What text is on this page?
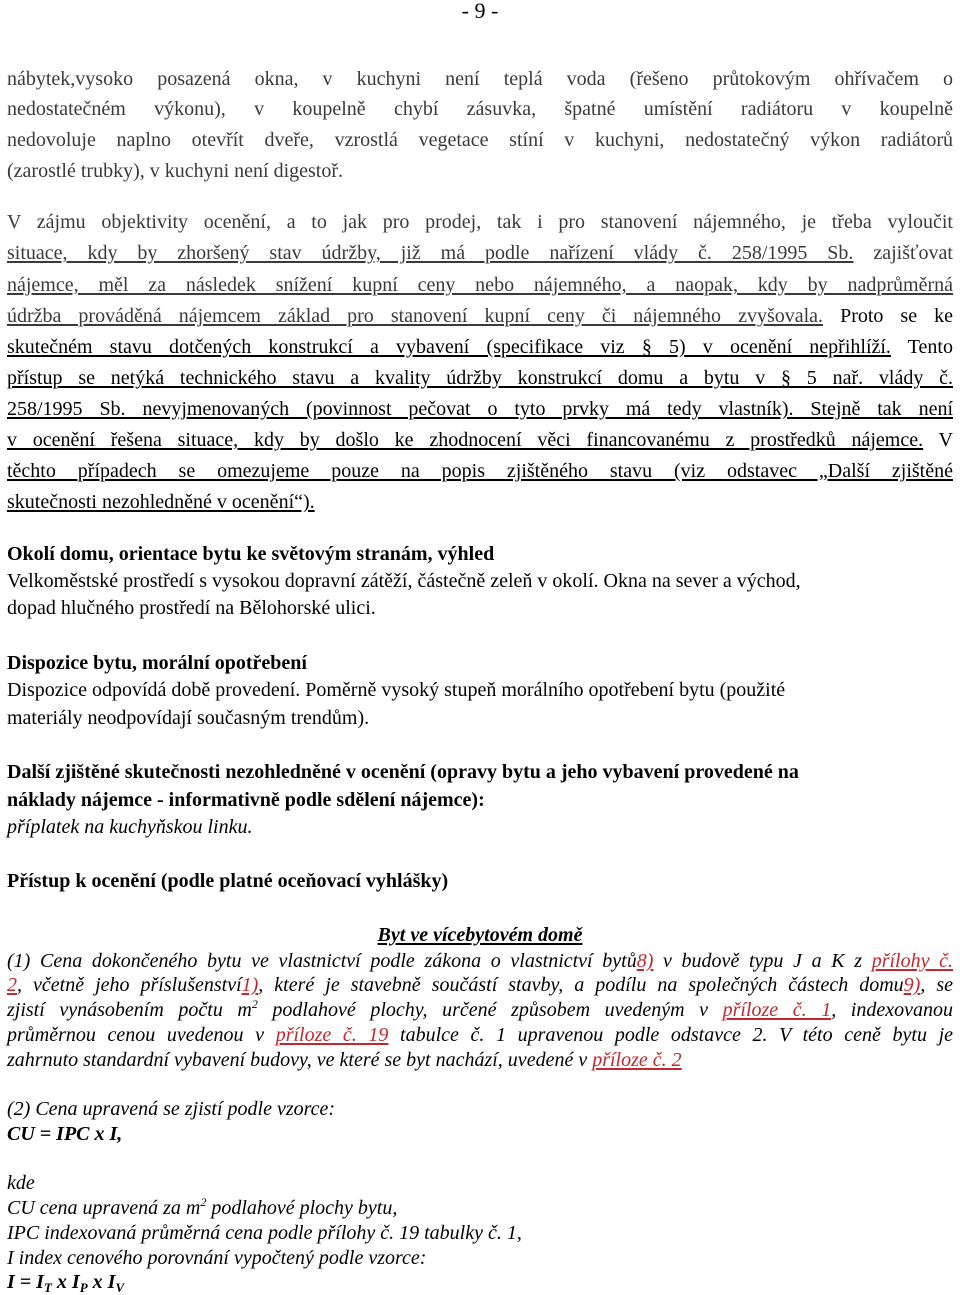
- 9 -
nábytek,vysoko posazená okna, v kuchyni není teplá voda (řešeno průtokovým ohřívačem o
nedostatečném výkonu), v koupelně chybí zásuvka, špatné umístění radiátoru v koupelně
nedovoluje naplno otevřít dveře, vzrostlá vegetace stíní v kuchyni, nedostatečný výkon radiátorů
(zarostlé trubky), v kuchyni není digestoř.
V zájmu objektivity ocenění, a to jak pro prodej, tak i pro stanovení nájemného, je třeba vyloučit
situace, kdy by zhoršený stav údržby, již má podle nařízení vlády č. 258/1995 Sb. zajišťovat
nájemce, měl za následek snížení kupní ceny nebo nájemného, a naopak, kdy by nadprůměrná
údržba prováděná nájemcem základ pro stanovení kupní ceny či nájemného zvyšovala. Proto se ke
skutečném stavu dotčených konstrukcí a vybavení (specifikace viz § 5) v ocenění nepřihlíží. Tento
přístup se netýká technického stavu a kvality údržby konstrukcí domu a bytu v § 5 nař. vlády č.
258/1995 Sb. nevyjmenovaných (povinnost pečovat o tyto prvky má tedy vlastník). Stejně tak není
v ocenění řešena situace, kdy by došlo ke zhodnocení věci financovanému z prostředků nájemce. V
těchto případech se omezujeme pouze na popis zjištěného stavu (viz odstavec „Další zjištěné
skutečnosti nezohledněné v ocenění“).
Okolí domu, orientace bytu ke světovým stranám, výhled
Velkoměstské prostředí s vysokou dopravní zátěží, částečně zeleň v okolí. Okna na sever a východ,
dopad hlučného prostředí na Bělohorské ulici.
Dispozice bytu, morální opotřebení
Dispozice odpovídá době provedení. Poměrně vysoký stupeň morálního opotřebení bytu (použité
materiály neodpovídají současným trendům).
Další zjištěné skutečnosti nezohledněné v ocenění (opravy bytu a jeho vybavení provedené na
náklady nájemce - informativně podle sdělení nájemce):
příplatek na kuchyňskou linku.
Přístup k ocenění (podle platné oceňovací vyhlášky)
Byt ve vícebytovém domě
(1) Cena dokončeného bytu ve vlastnictví podle zákona o vlastnictví bytů8) v budově typu J a K z přílohy č.
2, včetně jeho příslušenství1), které je stavebně součástí stavby, a podílu na společných částech domu9), se
zjistí vynásobením počtu $m^2$ podlahové plochy, určené způsobem uvedeným v příloze č. 1, indexovanou
průměrnou cenou uvedenou v příloze č. 19 tabulce č. 1 upravenou podle odstavce 2. V této ceně bytu je
zahrnuto standardní vybavení budovy, ve které se byt nachází, uvedené v příloze č. 2
(2) Cena upravená se zjistí podle vzorce:
CU = IPC x I,
kde
CU cena upravená za $m^2$ podlahové plochy bytu,
IPC indexovaná průměrná cena podle přílohy č. 19 tabulky č. 1,
I index cenového porovnání vypočtený podle vzorce:
$I = I_T$ x $I_P$ x $I_V$
